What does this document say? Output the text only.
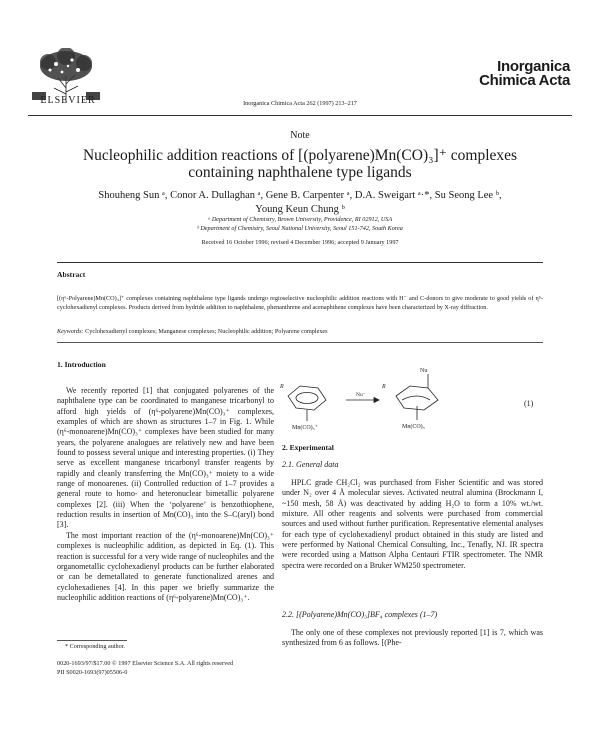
ELSEVIER	Inorganica Chimica Acta 262 (1997) 213–217
Inorganica
Chimica Acta
Note
Nucleophilic addition reactions of [(polyarene)Mn(CO)₃]⁺ complexes
containing naphthalene type ligands
Shouheng Sun ᵃ, Conor A. Dullaghan ᵃ, Gene B. Carpenter ᵃ, D.A. Sweigart ᵃ·*, Su Seong Lee ᵇ,
Young Keun Chung ᵇ
ᵃ Department of Chemistry, Brown University, Providence, RI 02912, USA
ᵇ Department of Chemistry, Seoul National University, Seoul 151-742, South Korea
Received 16 October 1996; revised 4 December 1996; accepted 9 January 1997
Abstract
[(η⁶-Polyarene)Mn(CO)₃]⁺ complexes containing naphthalene type ligands undergo regioselective nucleophilic addition reactions with H⁻ and C-donors to give moderate to good yields of η⁵-cyclohexadienyl complexes. Products derived from hydride addition to naphthalene, phenanthrene and acenaphthene complexes have been characterized by X-ray diffraction.
Keywords: Cyclohexadienyl complexes; Manganese complexes; Nucleophilic addition; Polyarene complexes
1. Introduction

We recently reported [1] that conjugated polyarenes of the naphthalene type can be coordinated to manganese tricarbonyl to afford high yields of (η⁶-polyarene)Mn(CO)₃⁺ complexes, examples of which are shown as structures 1–7 in Fig. 1. While (η⁶-monoarene)Mn(CO)₃⁺ complexes have been studied for many years, the polyarene analogues are relatively new and have been found to possess several unique and interesting properties. (i) They serve as excellent manganese tricarbonyl transfer reagents by rapidly and cleanly transferring the Mn(CO)₃⁺ moiety to a wide range of monoarenes. (ii) Controlled reduction of 1–7 provides a general route to homo- and heteronuclear bimetallic polyarene complexes [2]. (iii) When the ‘polyarene’ is benzothiophene, reduction results in insertion of Mn(CO)₃ into the S–C(aryl) bond [3].

The most important reaction of the (η⁶-monoarene)Mn(CO)₃⁺ complexes is nucleophilic addition, as depicted in Eq. (1). This reaction is successful for a very wide range of nucleophiles and the organometallic cyclohexadienyl products can be further elaborated or can be demetallated to generate functionalized arenes and cyclohexadienes [4]. In this paper we briefly summarize the nucleophilic addition reactions of (η⁶-polyarene)Mn(CO)₃⁺.

R
Mn(CO)₃⁺
Nu⁻
R
Nu
Mn(CO)₃
(1)
2. Experimental
2.1. General data

HPLC grade CH₂Cl₂ was purchased from Fisher Scientific and was stored under N₂ over 4 Å molecular sieves. Activated neutral alumina (Brockmann I, ~150 mesh, 58 Å) was deactivated by adding H₂O to form a 10% wt./wt. mixture. All other reagents and solvents were purchased from commercial sources and used without further purification. Representative elemental analyses for each type of cyclohexadienyl product obtained in this study are listed and were performed by National Chemical Consulting, Inc., Tenafly, NJ. IR spectra were recorded using a Mattson Alpha Centauri FTIR spectrometer. The NMR spectra were recorded on a Bruker WM250 spectrometer.

2.2. [(Polyarene)Mn(CO)₃]BF₄ complexes (1–7)

The only one of these complexes not previously reported [1] is 7, which was synthesized from 6 as follows. [(Phe-

* Corresponding author.
0020-1693/97/$17.00 © 1997 Elsevier Science S.A. All rights reserved
PII S0020-1693(97)05506-0
